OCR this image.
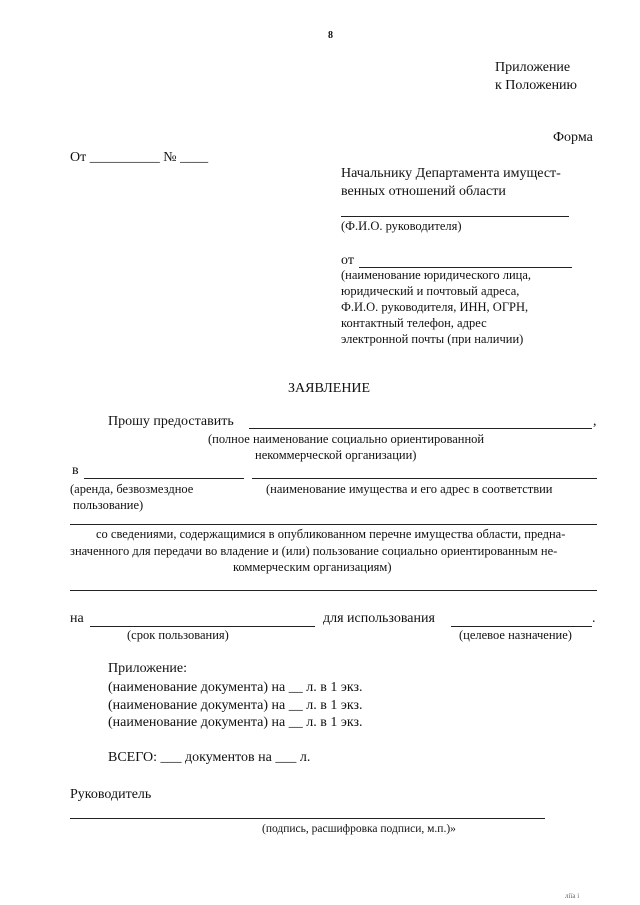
8
Приложение
к Положению
Форма
От __________ № ____
Начальнику Департамента имущест-
венных отношений области
(Ф.И.О. руководителя)
от
(наименование юридического лица,
юридический и почтовый адреса,
Ф.И.О. руководителя, ИНН, ОГРН,
контактный телефон, адрес
электронной почты (при наличии)
ЗАЯВЛЕНИЕ
Прошу предоставить	,
(полное наименование социально ориентированной
некоммерческой организации)
в
(аренда, безвозмездное
пользование)
(наименование имущества и его адрес в соответствии
со сведениями, содержащимися в опубликованном перечне имущества области, предна-
значенного для передачи во владение и (или) пользование социально ориентированным не-
коммерческим организациям)
на	для использования	.
(срок пользования)	(целевое назначение)
Приложение:
(наименование документа) на __ л. в 1 экз.
(наименование документа) на __ л. в 1 экз.
(наименование документа) на __ л. в 1 экз.
ВСЕГО: ___ документов на ___ л.
Руководитель
(подпись, расшифровка подписи, м.п.)»
ліїа і
